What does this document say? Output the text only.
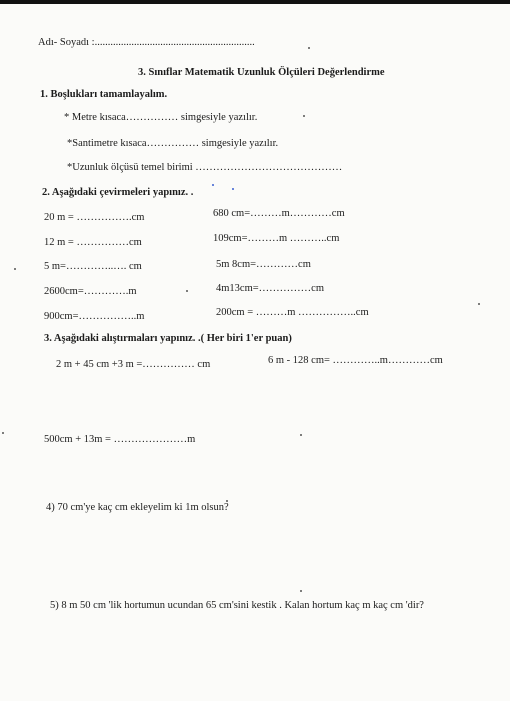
Adı- Soyadı :.............................................................
3. Sınıflar Matematik Uzunluk Ölçüleri Değerlendirme
1. Boşlukları tamamlayalım.
* Metre kısaca…………… simgesiyle yazılır.
*Santimetre kısaca…………… simgesiyle yazılır.
*Uzunluk ölçüsü temel birimi ……………………………………
2. Aşağıdaki çevirmeleri yapınız. .
20 m = …………….cm
12 m = ……………cm
5 m=…………..…. cm
2600cm=………….m
900cm=……………..m
680 cm=………m…………cm
109cm=………m ………..cm
5m 8cm=…………cm
4m13cm=……………cm
200cm = ………m ……………..cm
3. Aşağıdaki alıştırmaları yapınız. .( Her biri 1'er puan)
2 m + 45 cm +3 m =…………… cm	6 m - 128 cm= …………..m…………cm
500cm + 13m = …………………m
4) 70 cm'ye kaç cm ekleyelim ki 1m olsun?
5) 8 m 50 cm 'lik hortumun ucundan 65 cm'sini kestik . Kalan hortum kaç m kaç cm 'dir?
